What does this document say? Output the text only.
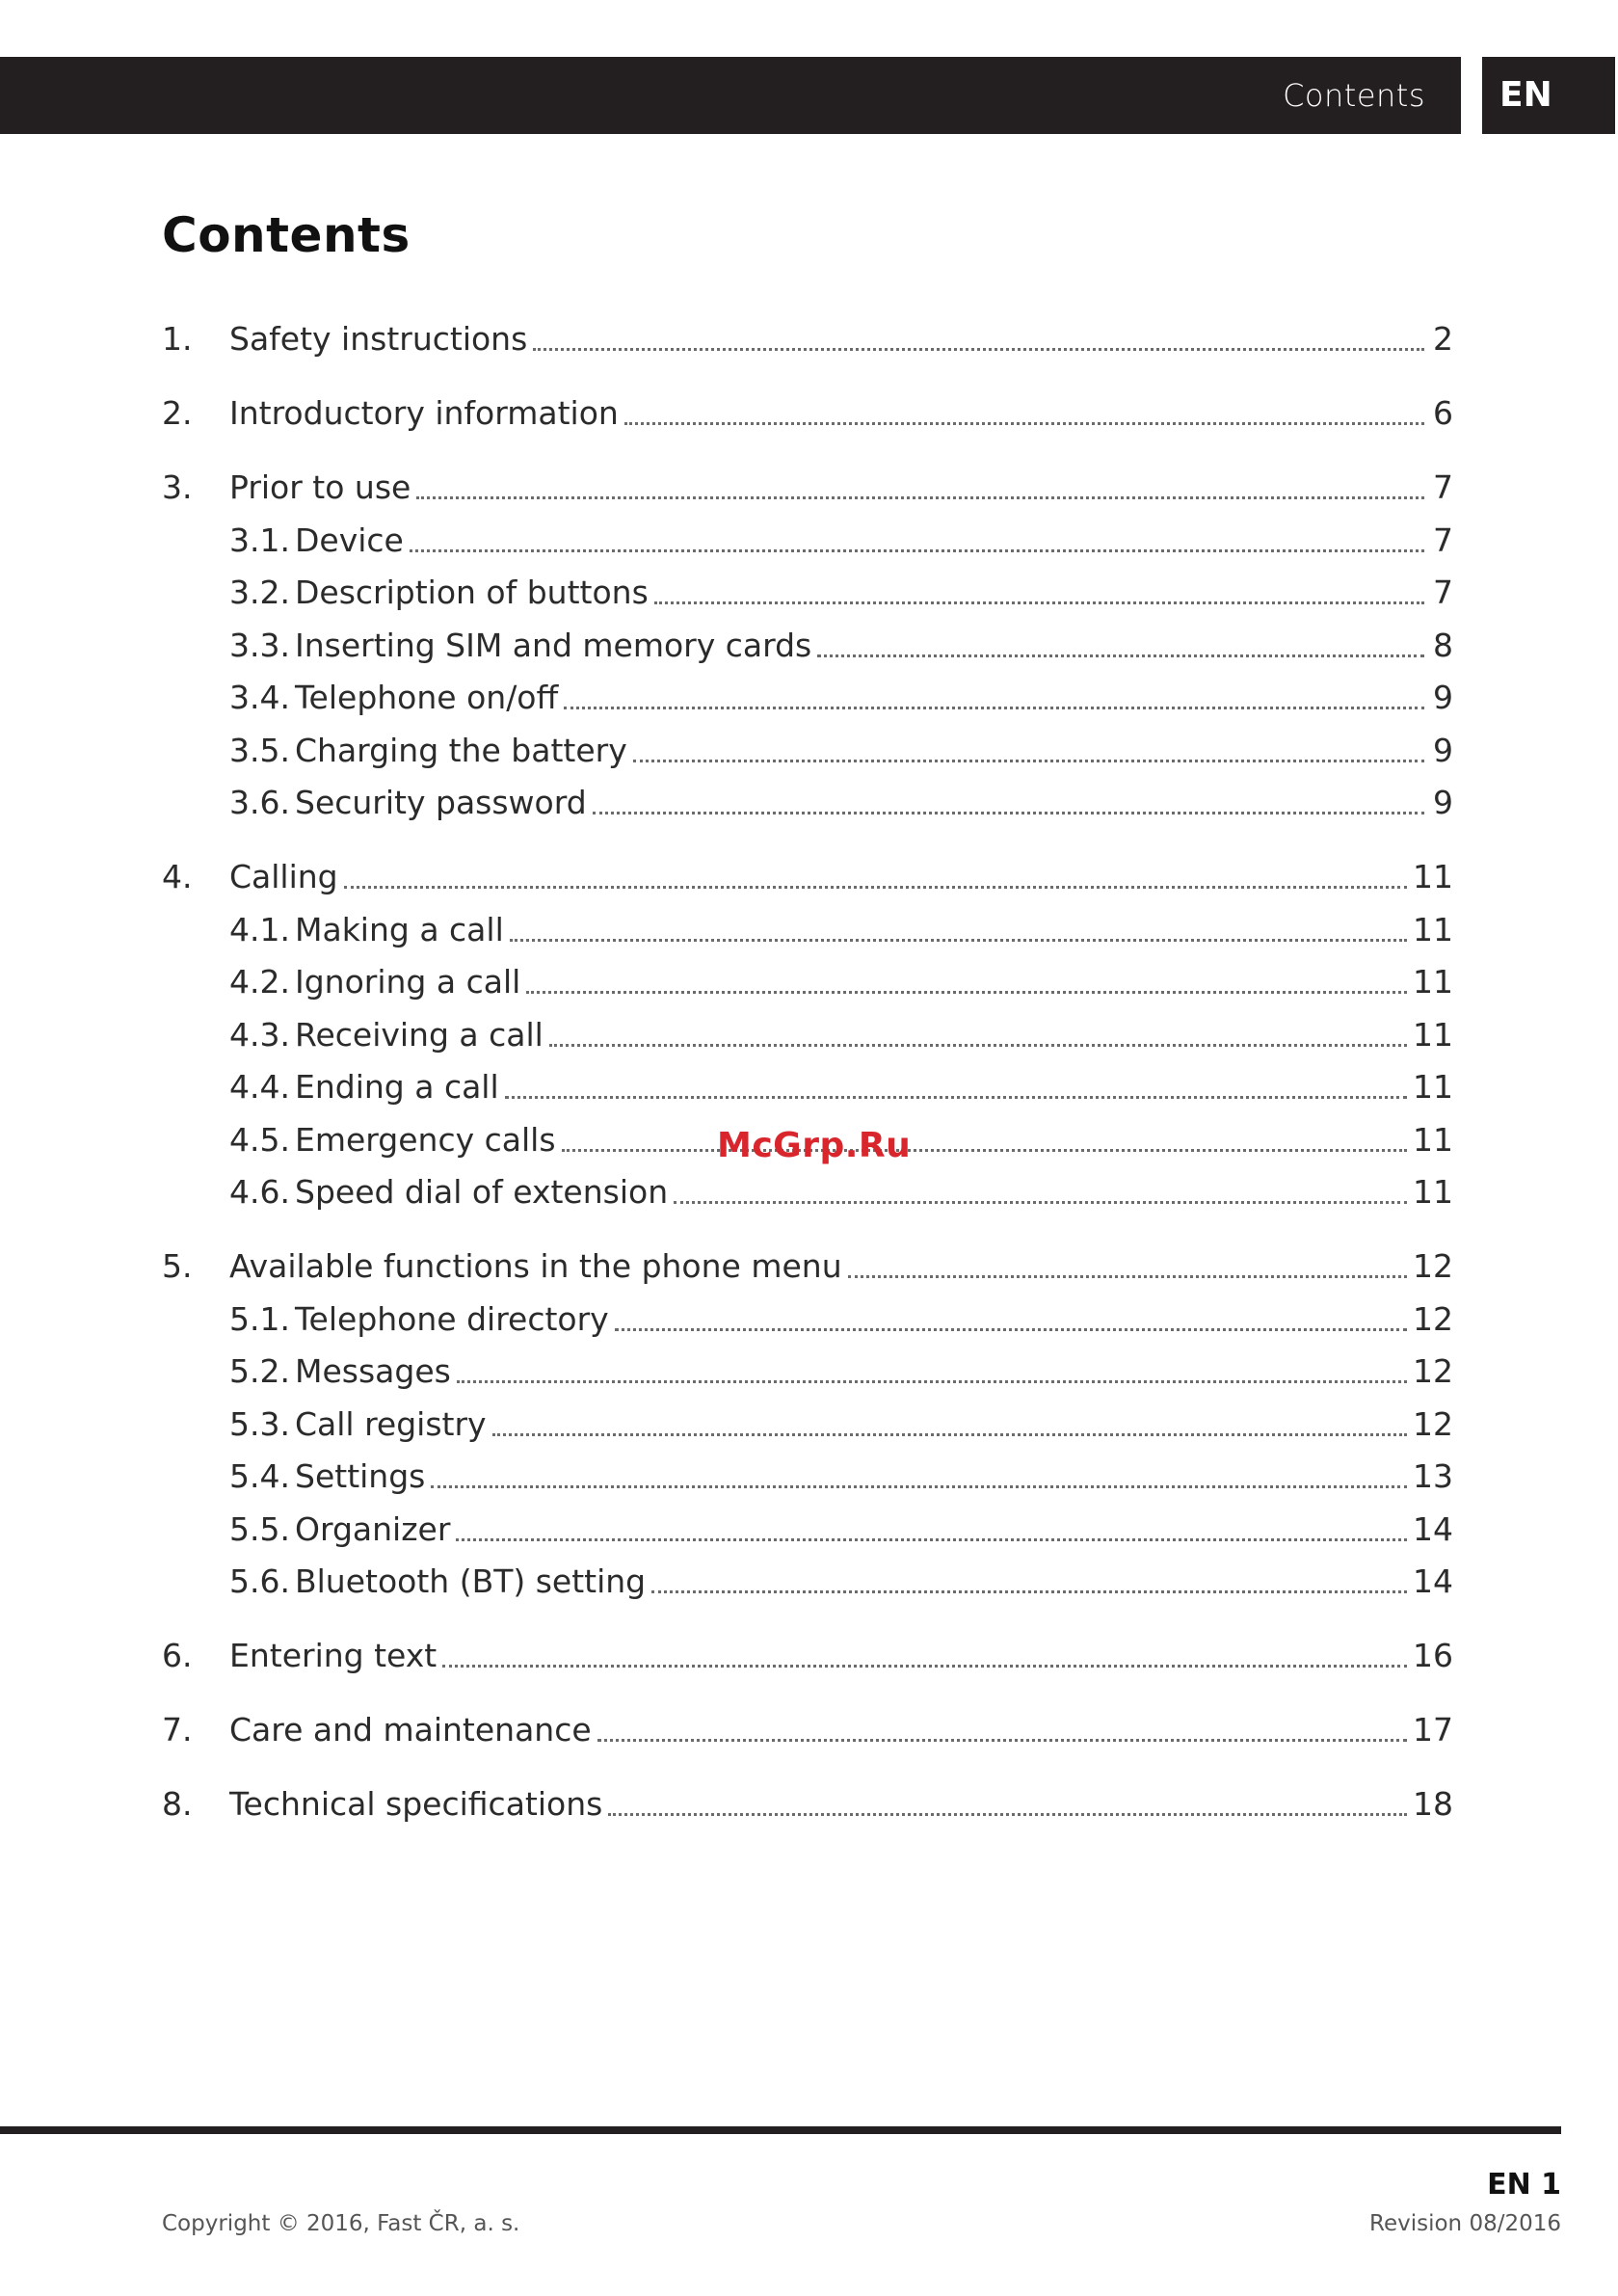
Contents	EN
Contents
1.	Safety instructions	2
2.	Introductory information	6
3.	Prior to use	7
3.1. Device	7
3.2. Description of buttons	7
3.3. Inserting SIM and memory cards	8
3.4. Telephone on/off	9
3.5. Charging the battery	9
3.6. Security password	9
4.	Calling	11
4.1. Making a call	11
4.2. Ignoring a call	11
4.3. Receiving a call	11
4.4. Ending a call	11
4.5. Emergency calls	11
4.6. Speed dial of extension	11
5.	Available functions in the phone menu	12
5.1. Telephone directory	12
5.2. Messages	12
5.3. Call registry	12
5.4. Settings	13
5.5. Organizer	14
5.6. Bluetooth (BT) setting	14
6.	Entering text	16
7.	Care and maintenance	17
8.	Technical specifications	18
McGrp.Ru
EN 1
Copyright © 2016, Fast ČR, a. s.	Revision 08/2016
